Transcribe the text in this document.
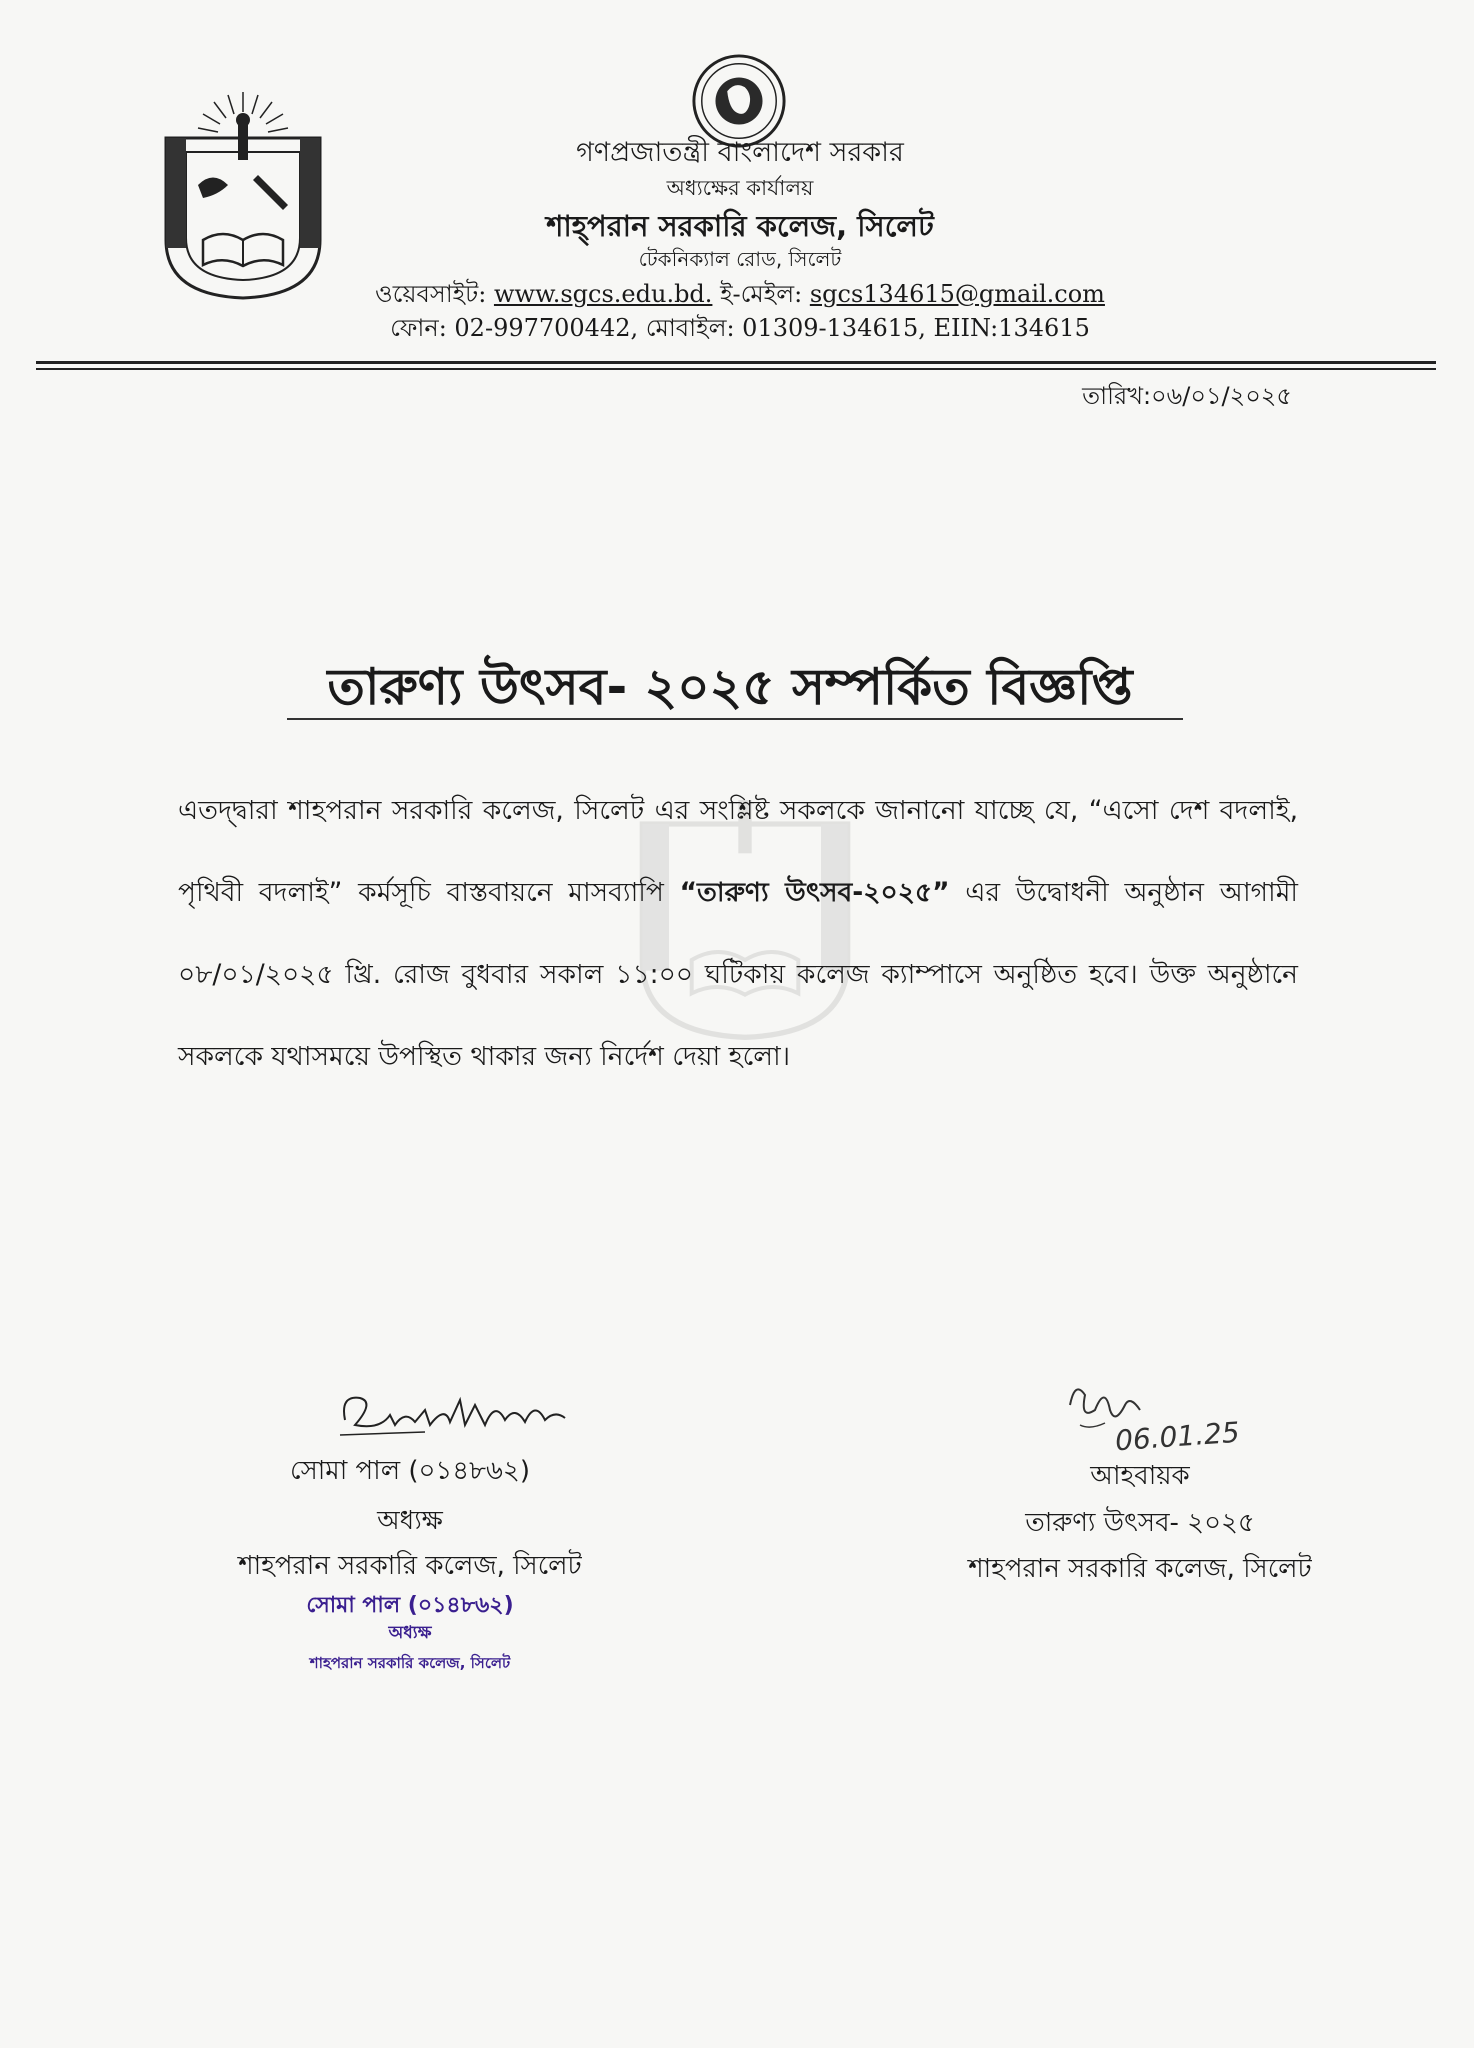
গণপ্রজাতন্ত্রী বাংলাদেশ সরকার
অধ্যক্ষের কার্যালয়
শাহ্‌পরান সরকারি কলেজ, সিলেট
টেকনিক্যাল রোড, সিলেট
ওয়েবসাইট: www.sgcs.edu.bd. ই-মেইল: sgcs134615@gmail.com
ফোন: 02-997700442, মোবাইল: 01309-134615, EIIN:134615
তারিখ:০৬/০১/২০২৫
তারুণ্য উৎসব- ২০২৫ সম্পর্কিত বিজ্ঞপ্তি
এতদ্দ্বারা শাহপরান সরকারি কলেজ, সিলেট এর সংশ্লিষ্ট সকলকে জানানো যাচ্ছে যে, “এসো দেশ বদলাই, পৃথিবী বদলাই” কর্মসূচি বাস্তবায়নে মাসব্যাপি “তারুণ্য উৎসব-২০২৫” এর উদ্বোধনী অনুষ্ঠান আগামী ০৮/০১/২০২৫ খ্রি. রোজ বুধবার সকাল ১১:০০ ঘটিকায় কলেজ ক্যাম্পাসে অনুষ্ঠিত হবে। উক্ত অনুষ্ঠানে সকলকে যথাসময়ে উপস্থিত থাকার জন্য নির্দেশ দেয়া হলো।
সোমা পাল (০১৪৮৬২)
অধ্যক্ষ
শাহপরান সরকারি কলেজ, সিলেট
সোমা পাল (০১৪৮৬২)
অধ্যক্ষ
শাহপরান সরকারি কলেজ, সিলেট
06.01.25
আহবায়ক
তারুণ্য উৎসব- ২০২৫
শাহপরান সরকারি কলেজ, সিলেট
